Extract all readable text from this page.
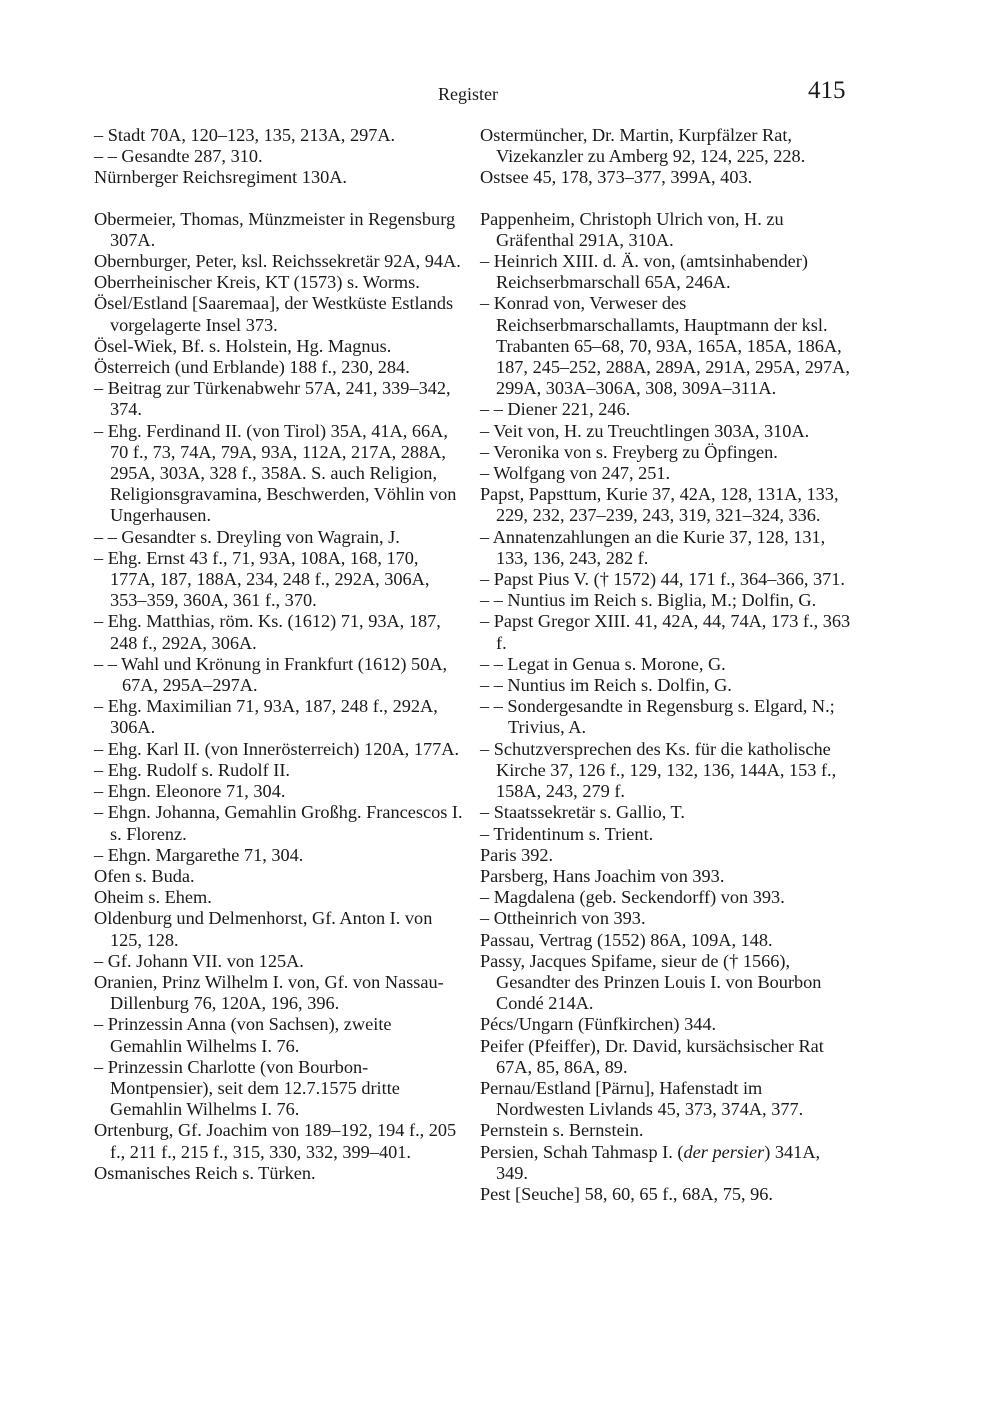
Register	415
– Stadt 70A, 120–123, 135, 213A, 297A.
– – Gesandte 287, 310.
Nürnberger Reichsregiment 130A.
Obermeier, Thomas, Münzmeister in Regensburg 307A.
Obernburger, Peter, ksl. Reichssekretär 92A, 94A.
Oberrheinischer Kreis, KT (1573) s. Worms.
Ösel/Estland [Saaremaa], der Westküste Estlands vorgelagerte Insel 373.
Ösel-Wiek, Bf. s. Holstein, Hg. Magnus.
Österreich (und Erblande) 188 f., 230, 284.
– Beitrag zur Türkenabwehr 57A, 241, 339–342, 374.
– Ehg. Ferdinand II. (von Tirol) 35A, 41A, 66A, 70 f., 73, 74A, 79A, 93A, 112A, 217A, 288A, 295A, 303A, 328 f., 358A. S. auch Religion, Religionsgravamina, Beschwerden, Vöhlin von Ungerhausen.
– – Gesandter s. Dreyling von Wagrain, J.
– Ehg. Ernst 43 f., 71, 93A, 108A, 168, 170, 177A, 187, 188A, 234, 248 f., 292A, 306A, 353–359, 360A, 361 f., 370.
– Ehg. Matthias, röm. Ks. (1612) 71, 93A, 187, 248 f., 292A, 306A.
– – Wahl und Krönung in Frankfurt (1612) 50A, 67A, 295A–297A.
– Ehg. Maximilian 71, 93A, 187, 248 f., 292A, 306A.
– Ehg. Karl II. (von Innerösterreich) 120A, 177A.
– Ehg. Rudolf s. Rudolf II.
– Ehgn. Eleonore 71, 304.
– Ehgn. Johanna, Gemahlin Großhg. Francescos I. s. Florenz.
– Ehgn. Margarethe 71, 304.
Ofen s. Buda.
Oheim s. Ehem.
Oldenburg und Delmenhorst, Gf. Anton I. von 125, 128.
– Gf. Johann VII. von 125A.
Oranien, Prinz Wilhelm I. von, Gf. von Nassau-Dillenburg 76, 120A, 196, 396.
– Prinzessin Anna (von Sachsen), zweite Gemahlin Wilhelms I. 76.
– Prinzessin Charlotte (von Bourbon-Montpensier), seit dem 12.7.1575 dritte Gemahlin Wilhelms I. 76.
Ortenburg, Gf. Joachim von 189–192, 194 f., 205 f., 211 f., 215 f., 315, 330, 332, 399–401.
Osmanisches Reich s. Türken.
Ostermüncher, Dr. Martin, Kurpfälzer Rat, Vizekanzler zu Amberg 92, 124, 225, 228.
Ostsee 45, 178, 373–377, 399A, 403.
Pappenheim, Christoph Ulrich von, H. zu Gräfenthal 291A, 310A.
– Heinrich XIII. d. Ä. von, (amtsinhabender) Reichserbmarschall 65A, 246A.
– Konrad von, Verweser des Reichserbmarschallamts, Hauptmann der ksl. Trabanten 65–68, 70, 93A, 165A, 185A, 186A, 187, 245–252, 288A, 289A, 291A, 295A, 297A, 299A, 303A–306A, 308, 309A–311A.
– – Diener 221, 246.
– Veit von, H. zu Treuchtlingen 303A, 310A.
– Veronika von s. Freyberg zu Öpfingen.
– Wolfgang von 247, 251.
Papst, Papsttum, Kurie 37, 42A, 128, 131A, 133, 229, 232, 237–239, 243, 319, 321–324, 336.
– Annatenzahlungen an die Kurie 37, 128, 131, 133, 136, 243, 282 f.
– Papst Pius V. († 1572) 44, 171 f., 364–366, 371.
– – Nuntius im Reich s. Biglia, M.; Dolfin, G.
– Papst Gregor XIII. 41, 42A, 44, 74A, 173 f., 363 f.
– – Legat in Genua s. Morone, G.
– – Nuntius im Reich s. Dolfin, G.
– – Sondergesandte in Regensburg s. Elgard, N.; Trivius, A.
– Schutzversprechen des Ks. für die katholische Kirche 37, 126 f., 129, 132, 136, 144A, 153 f., 158A, 243, 279 f.
– Staatssekretär s. Gallio, T.
– Tridentinum s. Trient.
Paris 392.
Parsberg, Hans Joachim von 393.
– Magdalena (geb. Seckendorff) von 393.
– Ottheinrich von 393.
Passau, Vertrag (1552) 86A, 109A, 148.
Passy, Jacques Spifame, sieur de († 1566), Gesandter des Prinzen Louis I. von Bourbon Condé 214A.
Pécs/Ungarn (Fünfkirchen) 344.
Peifer (Pfeiffer), Dr. David, kursächsischer Rat 67A, 85, 86A, 89.
Pernau/Estland [Pärnu], Hafenstadt im Nordwesten Livlands 45, 373, 374A, 377.
Pernstein s. Bernstein.
Persien, Schah Tahmasp I. (der persier) 341A, 349.
Pest [Seuche] 58, 60, 65 f., 68A, 75, 96.
